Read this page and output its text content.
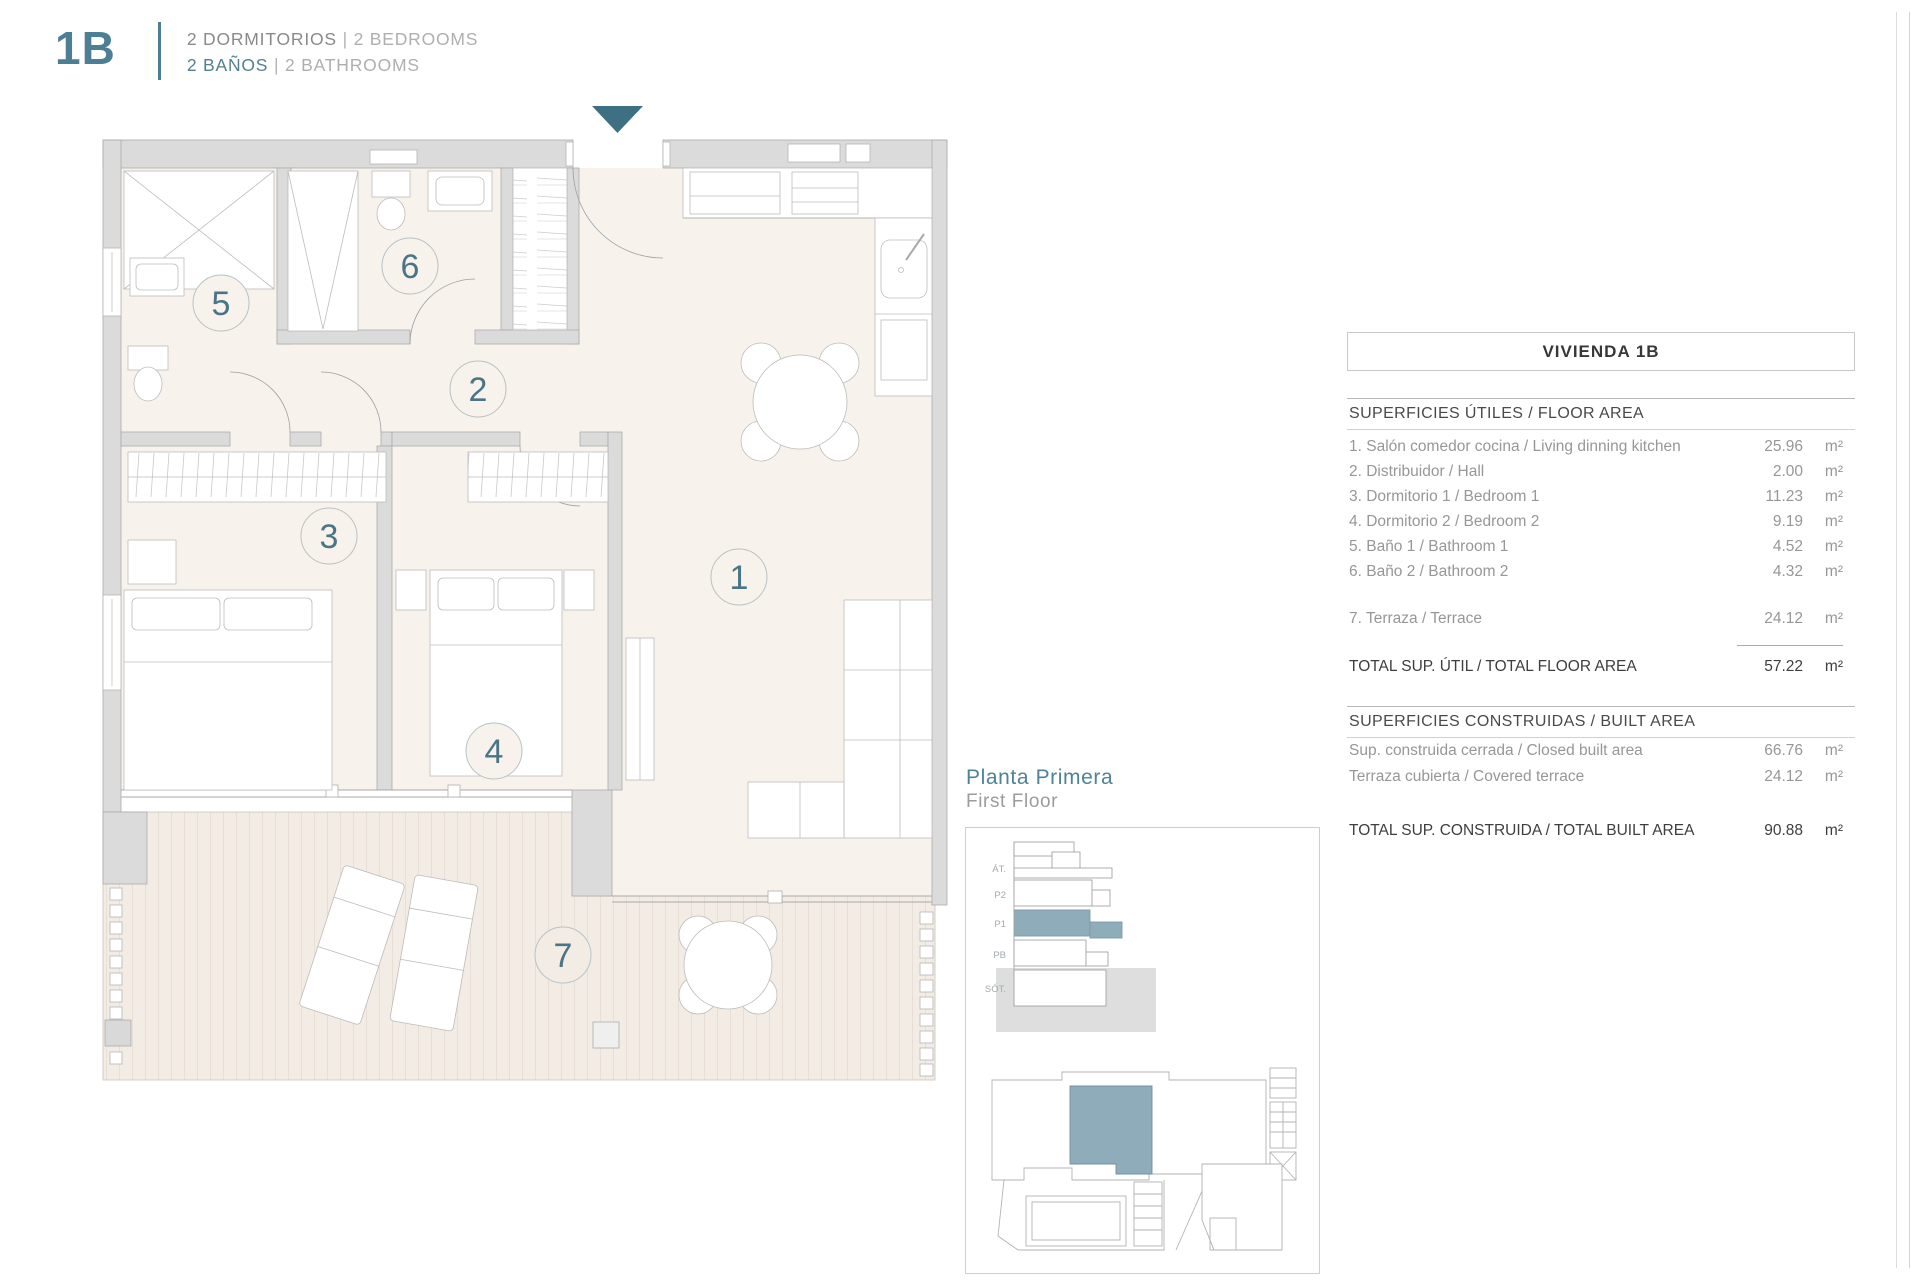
1B	2 DORMITORIOS | 2 BEDROOMS
2 BAÑOS | 2 BATHROOMS
1
2
3
4
5
6
7
Planta Primera
First Floor
ÁT.
P2
P1
PB
SÓT.
VIVIENDA 1B
SUPERFICIES ÚTILES / FLOOR AREA
1. Salón comedor cocina / Living dinning kitchen	25.96	m²
2. Distribuidor / Hall	2.00	m²
3. Dormitorio 1 / Bedroom 1	11.23	m²
4. Dormitorio 2 / Bedroom 2	9.19	m²
5. Baño 1 / Bathroom 1	4.52	m²
6. Baño 2 / Bathroom 2	4.32	m²
7. Terraza / Terrace	24.12	m²
TOTAL SUP. ÚTIL / TOTAL FLOOR AREA	57.22	m²
SUPERFICIES CONSTRUIDAS / BUILT AREA
Sup. construida cerrada / Closed built area	66.76	m²
Terraza cubierta / Covered terrace	24.12	m²
TOTAL SUP. CONSTRUIDA / TOTAL BUILT AREA	90.88	m²
